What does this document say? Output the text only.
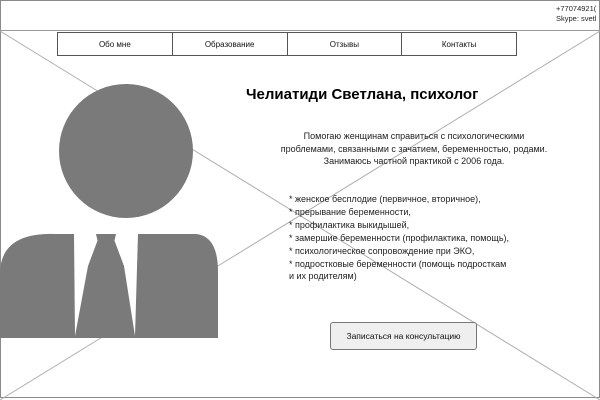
+77074921(
Skype: svetl
Обо мне	Образование	Отзывы	Контакты
Челиатиди Светлана, психолог
Помогаю женщинам справиться с психологическими
проблемами, связанными с зачатием, беременностью, родами.
Занимаюсь частной практикой с 2006 года.
* женское бесплодие (первичное, вторичное),
* прерывание беременности,
* профилактика выкидышей,
* замершие беременности (профилактика, помощь),
* психологическое сопровождение при ЭКО,
* подростковые беременности (помощь подросткам
и их родителям)
Записаться на консультацию
